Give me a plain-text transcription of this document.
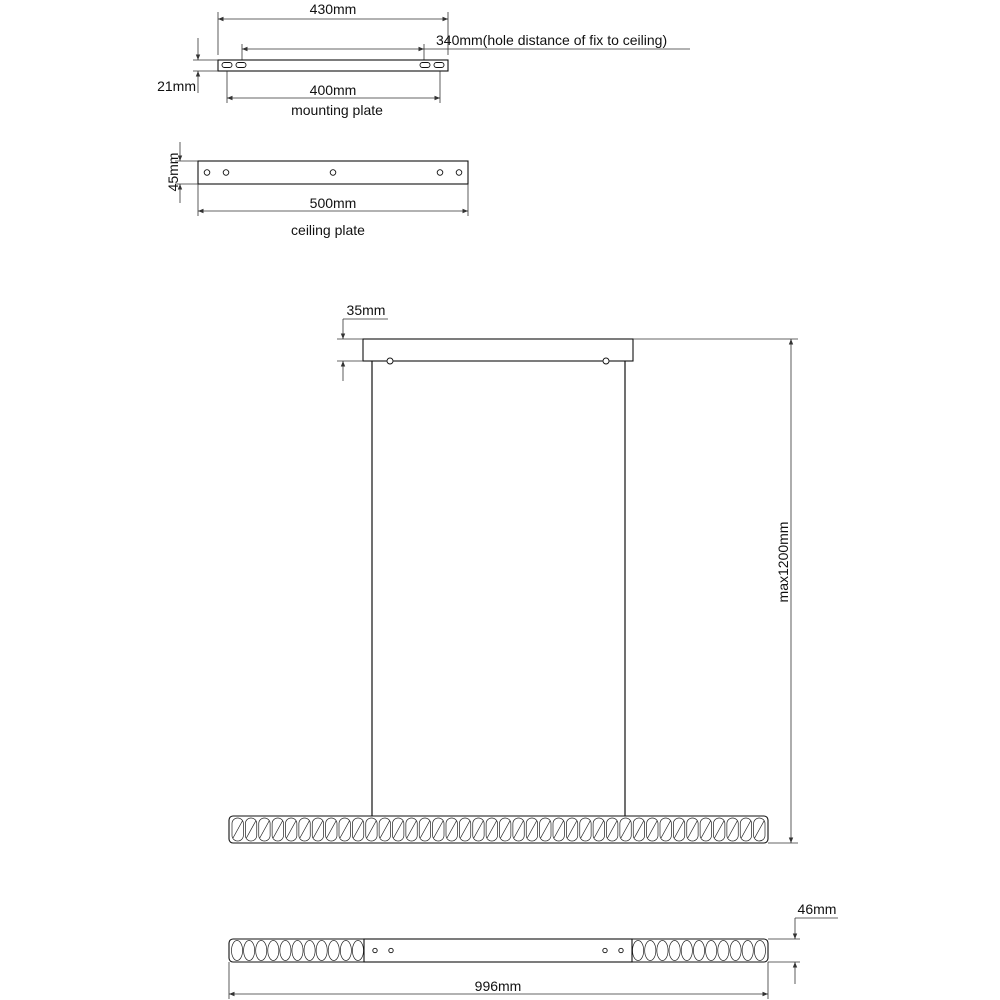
430mm
340mm(hole distance of fix to ceiling)
21mm	400mm
mounting plate
45mm
500mm
ceiling plate
35mm
max1200mm
46mm
996mm
